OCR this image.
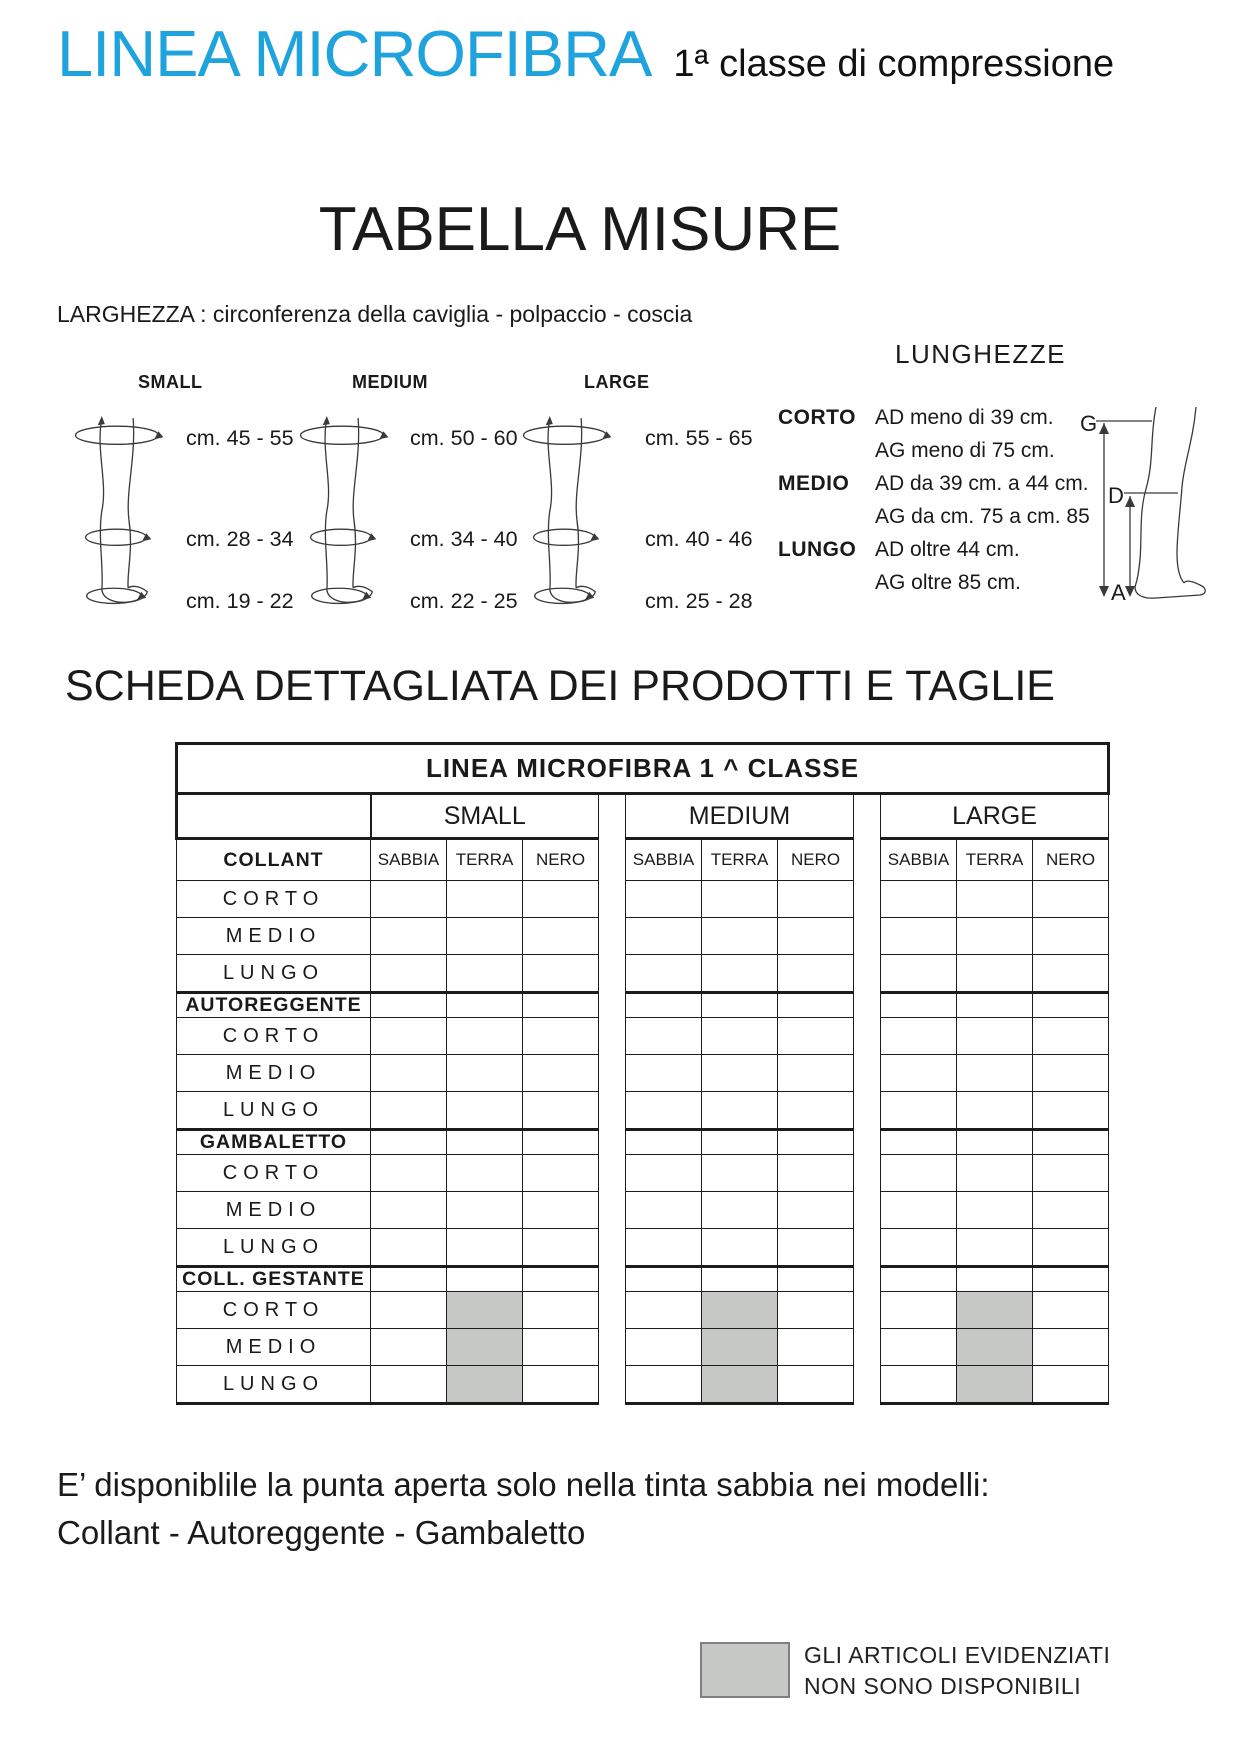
LINEA MICROFIBRA 1ª classe di compressione
TABELLA MISURE
LARGHEZZA : circonferenza della caviglia - polpaccio - coscia
LUNGHEZZE
SMALL
cm. 45 - 55
cm. 28 - 34
cm. 19 - 22
MEDIUM
cm. 50 - 60
cm. 34 - 40
cm. 22 - 25
LARGE
cm. 55 - 65
cm. 40 - 46
cm. 25 - 28
CORTO AD meno di 39 cm.
AG meno di 75 cm.
MEDIO AD da 39 cm. a 44 cm.
AG da cm. 75 a cm. 85
LUNGO AD oltre 44 cm.
AG oltre 85 cm.
G
D
A
SCHEDA DETTAGLIATA DEI PRODOTTI E TAGLIE
LINEA MICROFIBRA 1 ^ CLASSE											
	SMALL				MEDIUM				LARGE		
COLLANT	SABBIA	TERRA	NERO		SABBIA	TERRA	NERO		SABBIA	TERRA	NERO
CORTO											
MEDIO											
LUNGO											
AUTOREGGENTE											
CORTO											
MEDIO											
LUNGO											
GAMBALETTO											
CORTO											
MEDIO											
LUNGO											
COLL. GESTANTE											
CORTO											
MEDIO											
LUNGO											
E’ disponiblile la punta aperta solo nella tinta sabbia nei modelli:
Collant - Autoreggente - Gambaletto
GLI ARTICOLI EVIDENZIATI
NON SONO DISPONIBILI
